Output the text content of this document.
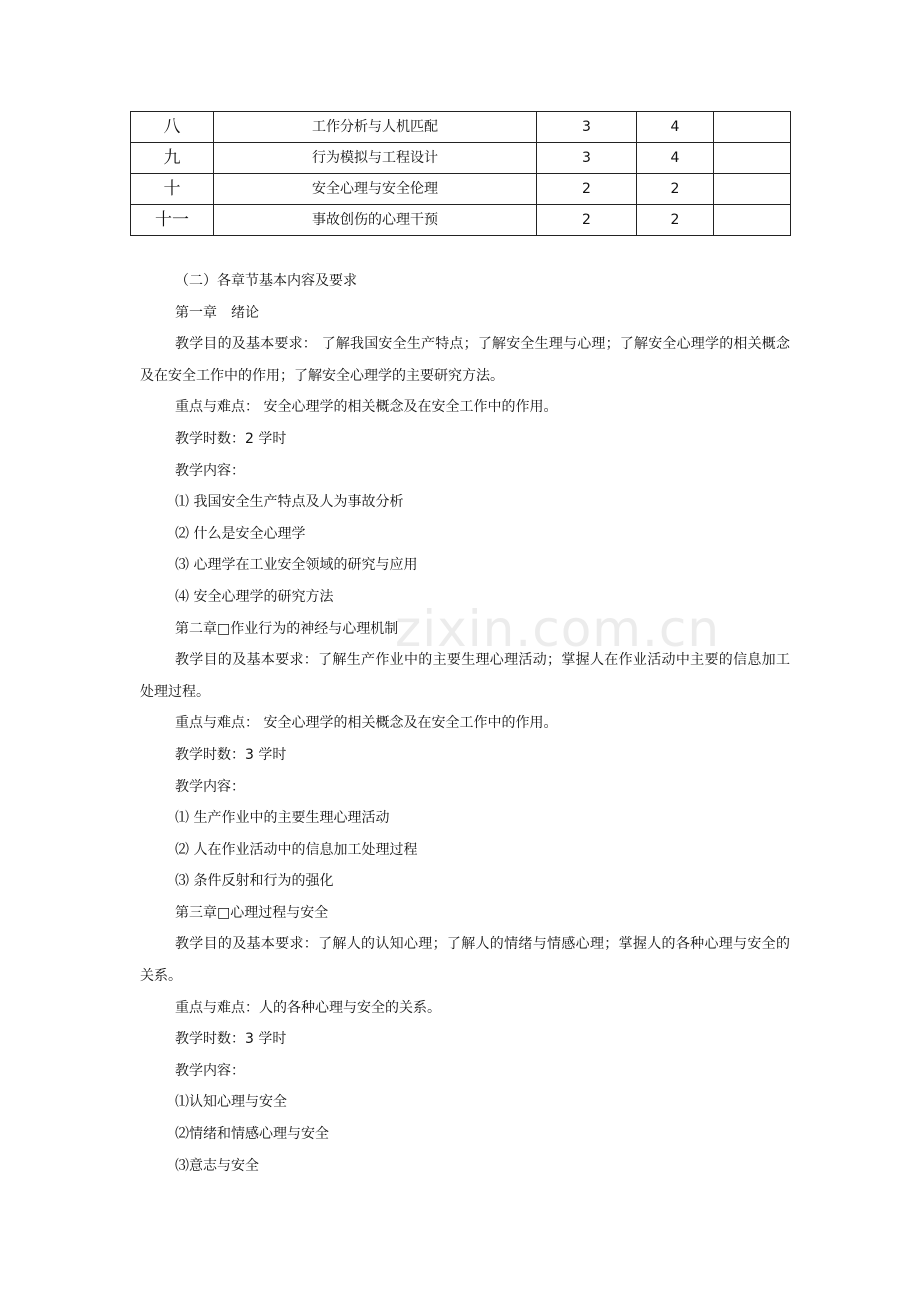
八	工作分析与人机匹配	3	4	
九	行为模拟与工程设计	3	4	
十	安全心理与安全伦理	2	2	
十一	事故创伤的心理干预	2	2	

（二）各章节基本内容及要求

第一章　绪论

教学目的及基本要求： 了解我国安全生产特点；了解安全生理与心理；了解安全心理学的相关概念及在安全工作中的作用；了解安全心理学的主要研究方法。

重点与难点： 安全心理学的相关概念及在安全工作中的作用。

教学时数：2 学时

教学内容：

⑴ 我国安全生产特点及人为事故分析

⑵ 什么是安全心理学

⑶ 心理学在工业安全领域的研究与应用

⑷ 安全心理学的研究方法

第二章□作业行为的神经与心理机制

教学目的及基本要求：了解生产作业中的主要生理心理活动；掌握人在作业活动中主要的信息加工处理过程。

重点与难点： 安全心理学的相关概念及在安全工作中的作用。

教学时数：3 学时

教学内容：

⑴ 生产作业中的主要生理心理活动

⑵ 人在作业活动中的信息加工处理过程

⑶ 条件反射和行为的强化

第三章□心理过程与安全

教学目的及基本要求：了解人的认知心理；了解人的情绪与情感心理；掌握人的各种心理与安全的关系。

重点与难点：人的各种心理与安全的关系。

教学时数：3 学时

教学内容：

⑴认知心理与安全

⑵情绪和情感心理与安全

⑶意志与安全

zixin.com.cn
